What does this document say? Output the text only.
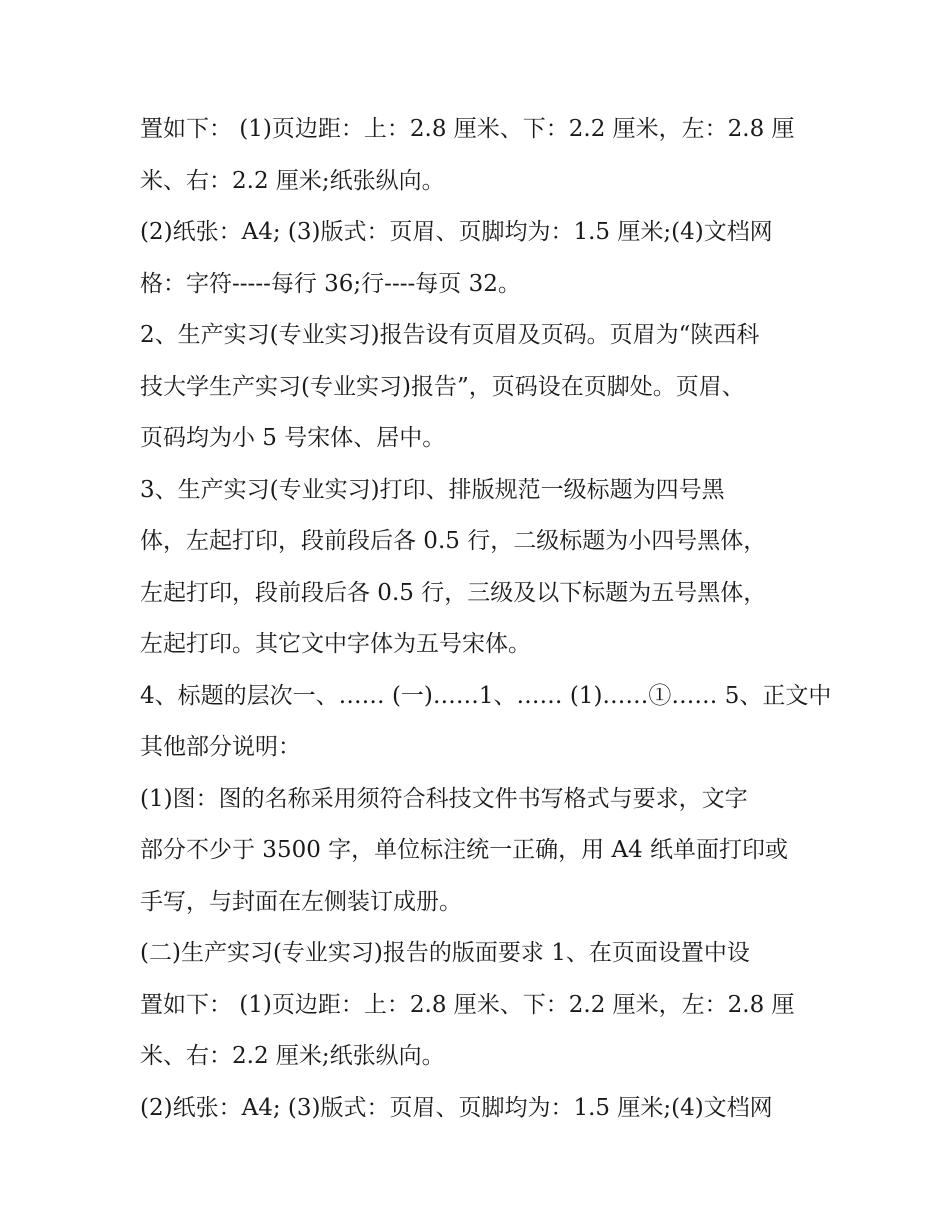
置如下： (1)页边距：上：2.8 厘米、下：2.2 厘米，左：2.8 厘
米、右：2.2 厘米;纸张纵向。
(2)纸张：A4; (3)版式：页眉、页脚均为：1.5 厘米;(4)文档网
格：字符-----每行 36;行----每页 32。
2、生产实习(专业实习)报告设有页眉及页码。页眉为“陕西科
技大学生产实习(专业实习)报告”，页码设在页脚处。页眉、
页码均为小 5 号宋体、居中。
3、生产实习(专业实习)打印、排版规范一级标题为四号黑
体，左起打印，段前段后各 0.5 行，二级标题为小四号黑体，
左起打印，段前段后各 0.5 行，三级及以下标题为五号黑体，
左起打印。其它文中字体为五号宋体。
4、标题的层次一、…… (一)……1、…… (1)……①…… 5、正文中
其他部分说明：
(1)图：图的名称采用须符合科技文件书写格式与要求，文字
部分不少于 3500 字，单位标注统一正确，用 A4 纸单面打印或
手写，与封面在左侧装订成册。
(二)生产实习(专业实习)报告的版面要求 1、在页面设置中设
置如下： (1)页边距：上：2.8 厘米、下：2.2 厘米，左：2.8 厘
米、右：2.2 厘米;纸张纵向。
(2)纸张：A4; (3)版式：页眉、页脚均为：1.5 厘米;(4)文档网
